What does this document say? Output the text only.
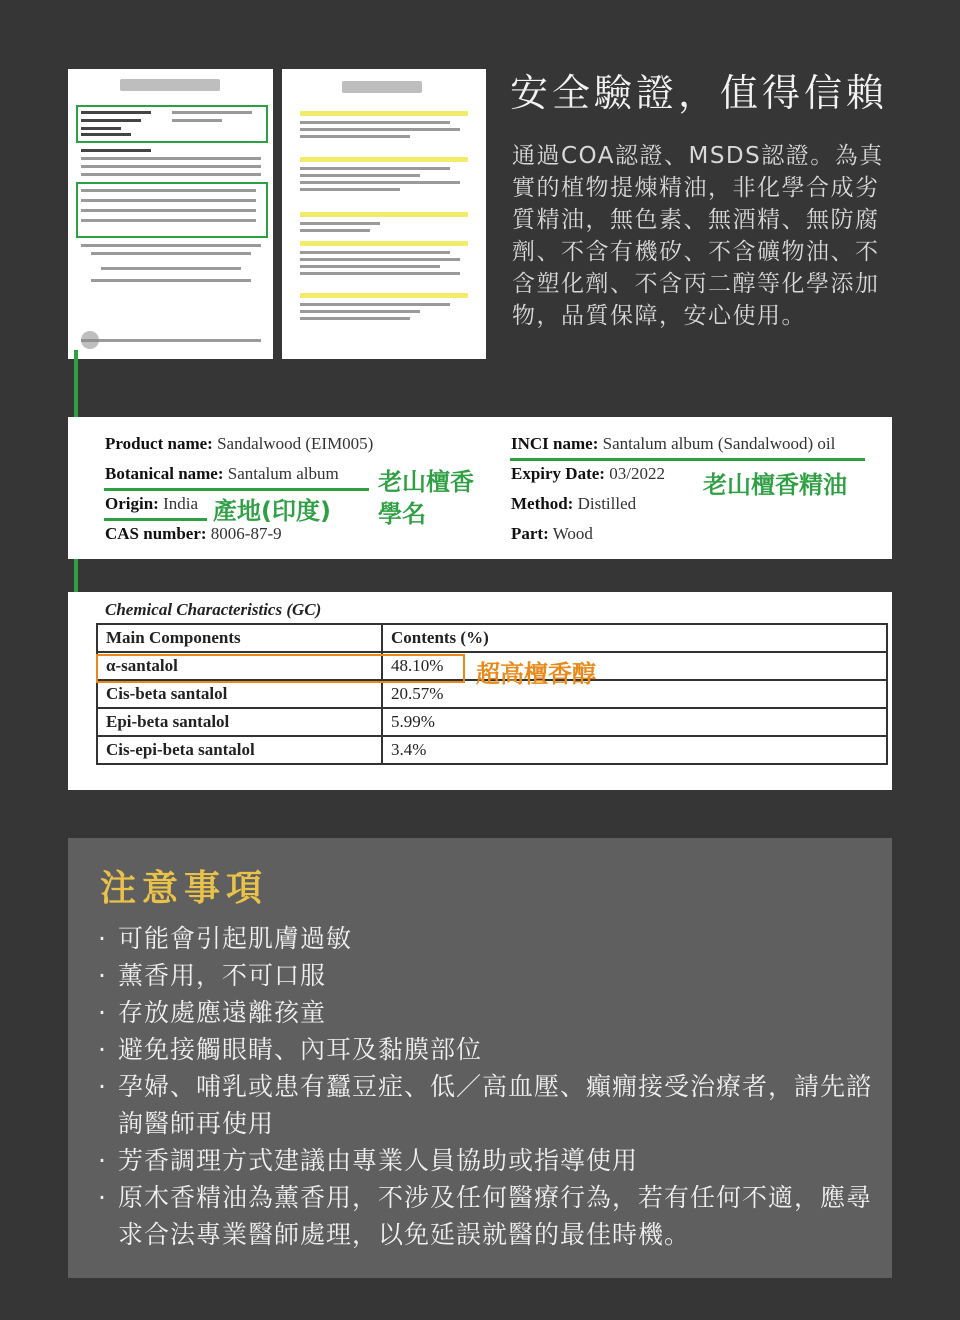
安全驗證，值得信賴
通過COA認證、MSDS認證。為真實的植物提煉精油，非化學合成劣質精油，無色素、無酒精、無防腐劑、不含有機矽、不含礦物油、不含塑化劑、不含丙二醇等化學添加物，品質保障，安心使用。
Product name: Sandalwood (EIM005)	INCI name: Santalum album (Sandalwood) oil
Botanical name: Santalum album	Expiry Date: 03/2022
Origin: India	Method: Distilled
CAS number: 8006-87-9	Part: Wood
老山檀香
學名
產地(印度)
老山檀香精油
Chemical Characteristics (GC)
Main Components	Contents (%)
α-santalol	48.10%
Cis-beta santalol	20.57%
Epi-beta santalol	5.99%
Cis-epi-beta santalol	3.4%
超高檀香醇
注意事項
· 可能會引起肌膚過敏
· 薰香用，不可口服
· 存放處應遠離孩童
· 避免接觸眼睛、內耳及黏膜部位
· 孕婦、哺乳或患有蠶豆症、低／高血壓、癲癇接受治療者，請先諮詢醫師再使用
· 芳香調理方式建議由專業人員協助或指導使用
· 原木香精油為薰香用，不涉及任何醫療行為，若有任何不適，應尋求合法專業醫師處理，以免延誤就醫的最佳時機。
